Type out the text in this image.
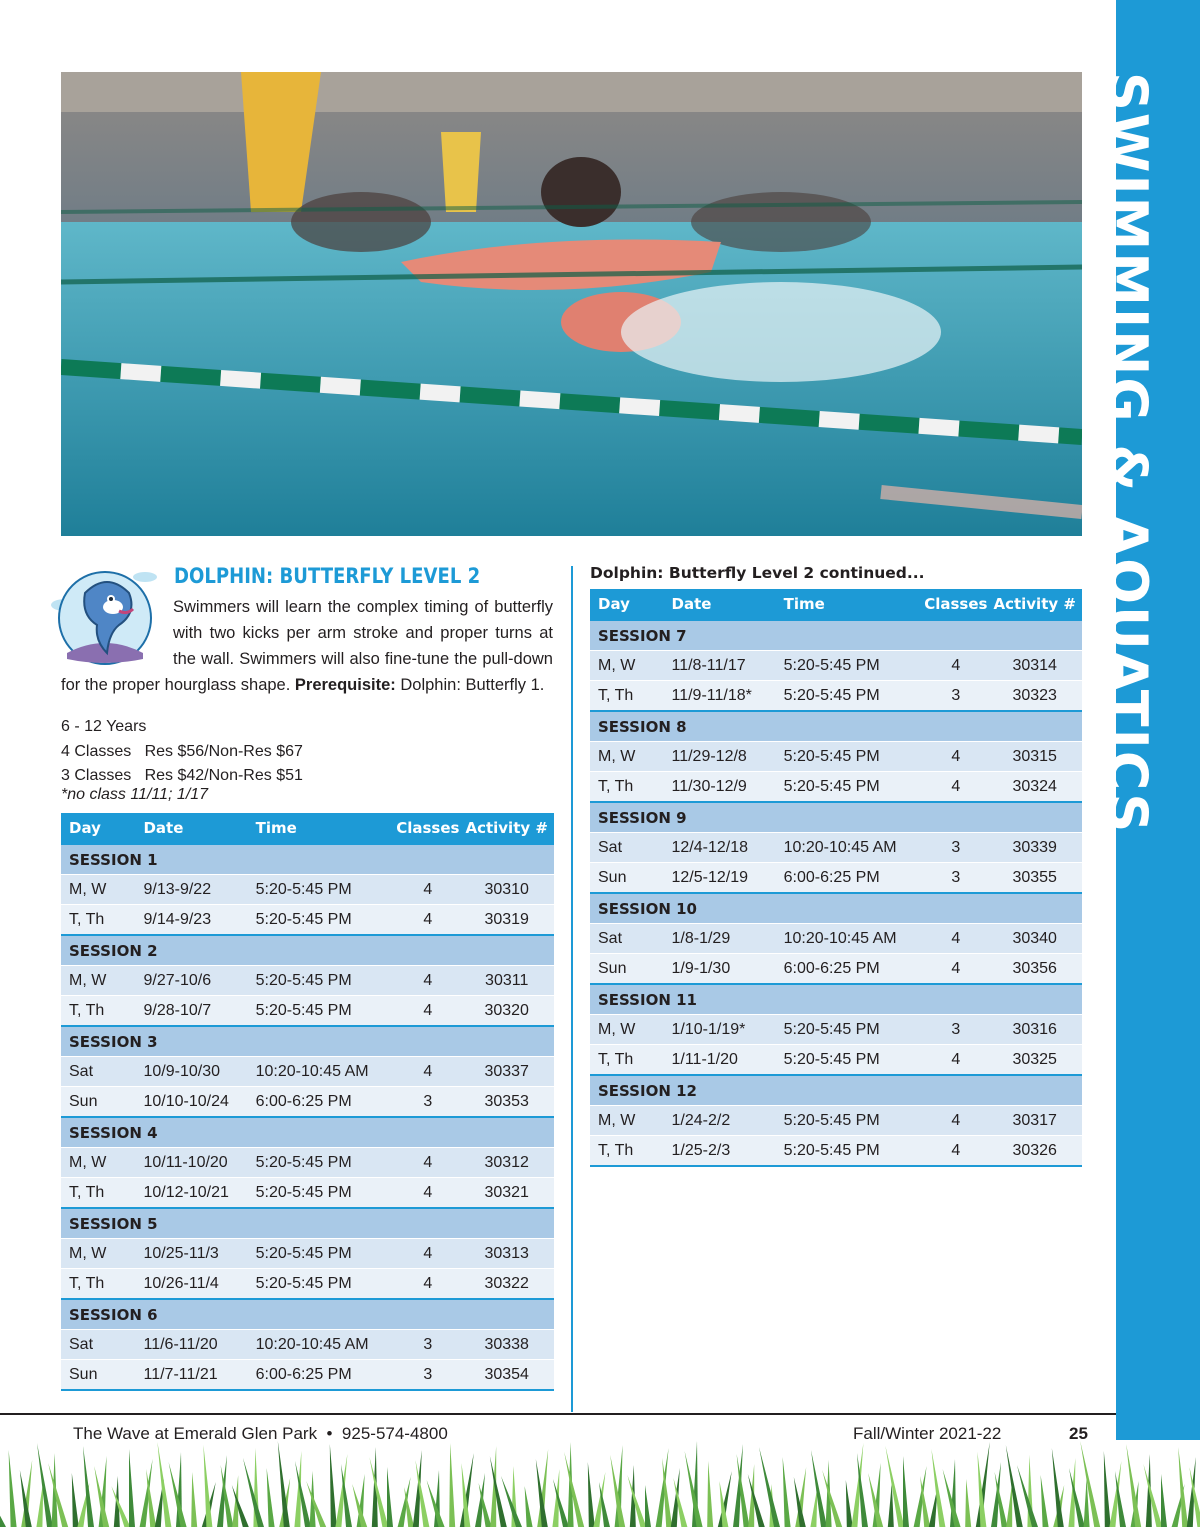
SWIMMING & AQUATICS
DOLPHIN: BUTTERFLY LEVEL 2
Swimmers will learn the complex timing of butterfly with two kicks per arm stroke and proper turns at the wall. Swimmers will also fine-tune the pull-down for the proper hourglass shape. Prerequisite: Dolphin: Butterfly 1.
6 - 12 Years
4 Classes   Res $56/Non-Res $67
3 Classes   Res $42/Non-Res $51
*no class 11/11; 1/17
Dolphin: Butterfly Level 2 continued...
Day	Date	Time	Classes	Activity #
SESSION 1				
M, W	9/13-9/22	5:20-5:45 PM	4	30310
T, Th	9/14-9/23	5:20-5:45 PM	4	30319
SESSION 2				
M, W	9/27-10/6	5:20-5:45 PM	4	30311
T, Th	9/28-10/7	5:20-5:45 PM	4	30320
SESSION 3				
Sat	10/9-10/30	10:20-10:45 AM	4	30337
Sun	10/10-10/24	6:00-6:25 PM	3	30353
SESSION 4				
M, W	10/11-10/20	5:20-5:45 PM	4	30312
T, Th	10/12-10/21	5:20-5:45 PM	4	30321
SESSION 5				
M, W	10/25-11/3	5:20-5:45 PM	4	30313
T, Th	10/26-11/4	5:20-5:45 PM	4	30322
SESSION 6				
Sat	11/6-11/20	10:20-10:45 AM	3	30338
Sun	11/7-11/21	6:00-6:25 PM	3	30354
Day	Date	Time	Classes	Activity #
SESSION 7				
M, W	11/8-11/17	5:20-5:45 PM	4	30314
T, Th	11/9-11/18*	5:20-5:45 PM	3	30323
SESSION 8				
M, W	11/29-12/8	5:20-5:45 PM	4	30315
T, Th	11/30-12/9	5:20-5:45 PM	4	30324
SESSION 9				
Sat	12/4-12/18	10:20-10:45 AM	3	30339
Sun	12/5-12/19	6:00-6:25 PM	3	30355
SESSION 10				
Sat	1/8-1/29	10:20-10:45 AM	4	30340
Sun	1/9-1/30	6:00-6:25 PM	4	30356
SESSION 11				
M, W	1/10-1/19*	5:20-5:45 PM	3	30316
T, Th	1/11-1/20	5:20-5:45 PM	4	30325
SESSION 12				
M, W	1/24-2/2	5:20-5:45 PM	4	30317
T, Th	1/25-2/3	5:20-5:45 PM	4	30326
The Wave at Emerald Glen Park  •  925-574-4800	Fall/Winter 2021-22	25
